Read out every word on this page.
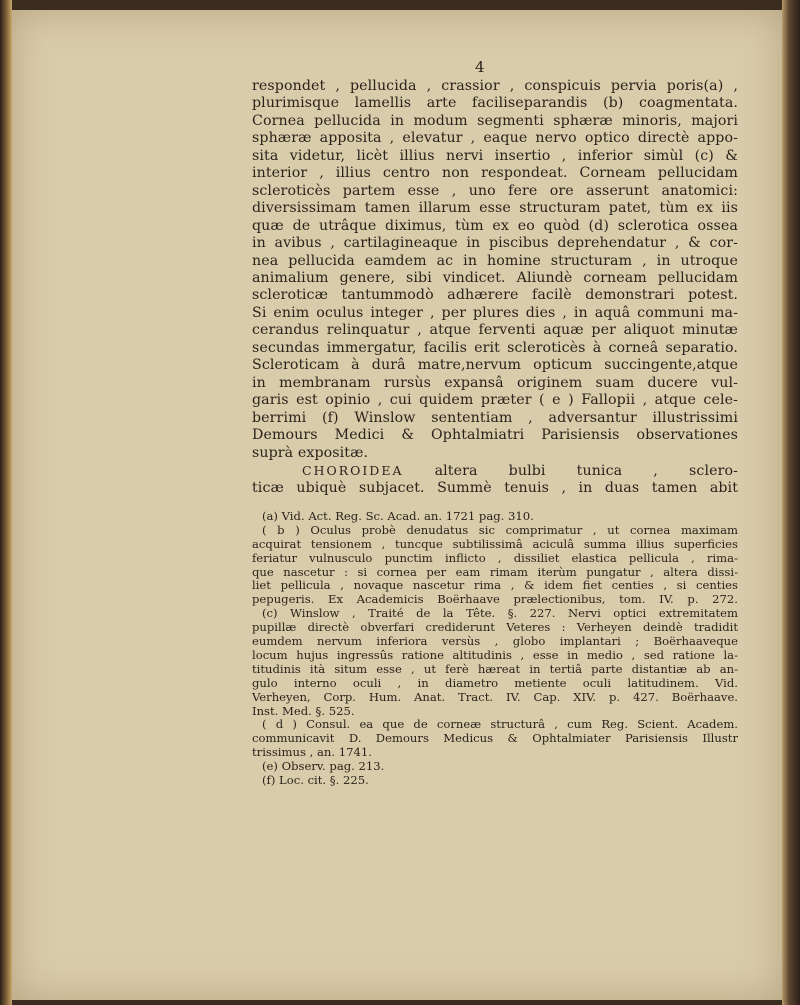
4
respondet , pellucida , crassior , conspicuis pervia poris(a) ,
plurimisque lamellis arte faciliseparandis (b) coagmentata.
Cornea pellucida in modum segmenti sphæræ minoris, majori
sphæræ apposita , elevatur , eaque nervo optico directè appo-
sita videtur, licèt illius nervi insertio , inferior simùl (c) &
interior , illius centro non respondeat. Corneam pellucidam
scleroticès partem esse , uno fere ore asserunt anatomici:
diversissimam tamen illarum esse structuram patet, tùm ex iis
quæ de utrâque diximus, tùm ex eo quòd (d) sclerotica ossea
in avibus , cartilagineaque in piscibus deprehendatur , & cor-
nea pellucida eamdem ac in homine structuram , in utroque
animalium genere, sibi vindicet. Aliundè corneam pellucidam
scleroticæ tantummodò adhærere facilè demonstrari potest.
Si enim oculus integer , per plures dies , in aquâ communi ma-
cerandus relinquatur , atque ferventi aquæ per aliquot minutæ
secundas immergatur, facilis erit scleroticès à corneâ separatio.
Scleroticam à durâ matre,nervum opticum succingente,atque
in membranam rursùs expansâ originem suam ducere vul-
garis est opinio , cui quidem præter ( e ) Fallopii , atque cele-
berrimi (f) Winslow sententiam , adversantur illustrissimi
Demours Medici & Ophtalmiatri Parisiensis observationes
suprà expositæ.
CHOROIDEA altera bulbi tunica , sclero-
ticæ ubiquè subjacet. Summè tenuis , in duas tamen abit
(a) Vid. Act. Reg. Sc. Acad. an. 1721 pag. 310.
( b ) Oculus probè denudatus sic comprimatur , ut cornea maximam
acquirat tensionem , tuncque subtilissimâ aciculâ summa illius superficies
feriatur vulnusculo punctim inflicto , dissiliet elastica pellicula , rima-
que nascetur : si cornea per eam rimam iterùm pungatur , altera dissi-
liet pellicula , novaque nascetur rima , & idem fiet centies , si centies
pepugeris. Ex Academicis Boërhaave prælectionibus, tom. IV. p. 272.
(c) Winslow , Traité de la Tête. §. 227. Nervi optici extremitatem
pupillæ directè obverfari crediderunt Veteres : Verheyen deindè tradidit
eumdem nervum inferiora versùs , globo implantari ; Boërhaaveque
locum hujus ingressûs ratione altitudinis , esse in medio , sed ratione la-
titudinis ità situm esse , ut ferè hæreat in tertiâ parte distantiæ ab an-
gulo interno oculi , in diametro metiente oculi latitudinem. Vid.
Verheyen, Corp. Hum. Anat. Tract. IV. Cap. XIV. p. 427. Boërhaave.
Inst. Med. §. 525.
( d ) Consul. ea que de corneæ structurâ , cum Reg. Scient. Academ.
communicavit D. Demours Medicus & Ophtalmiater Parisiensis Illustr
trissimus , an. 1741.
(e) Observ. pag. 213.
(f) Loc. cit. §. 225.
